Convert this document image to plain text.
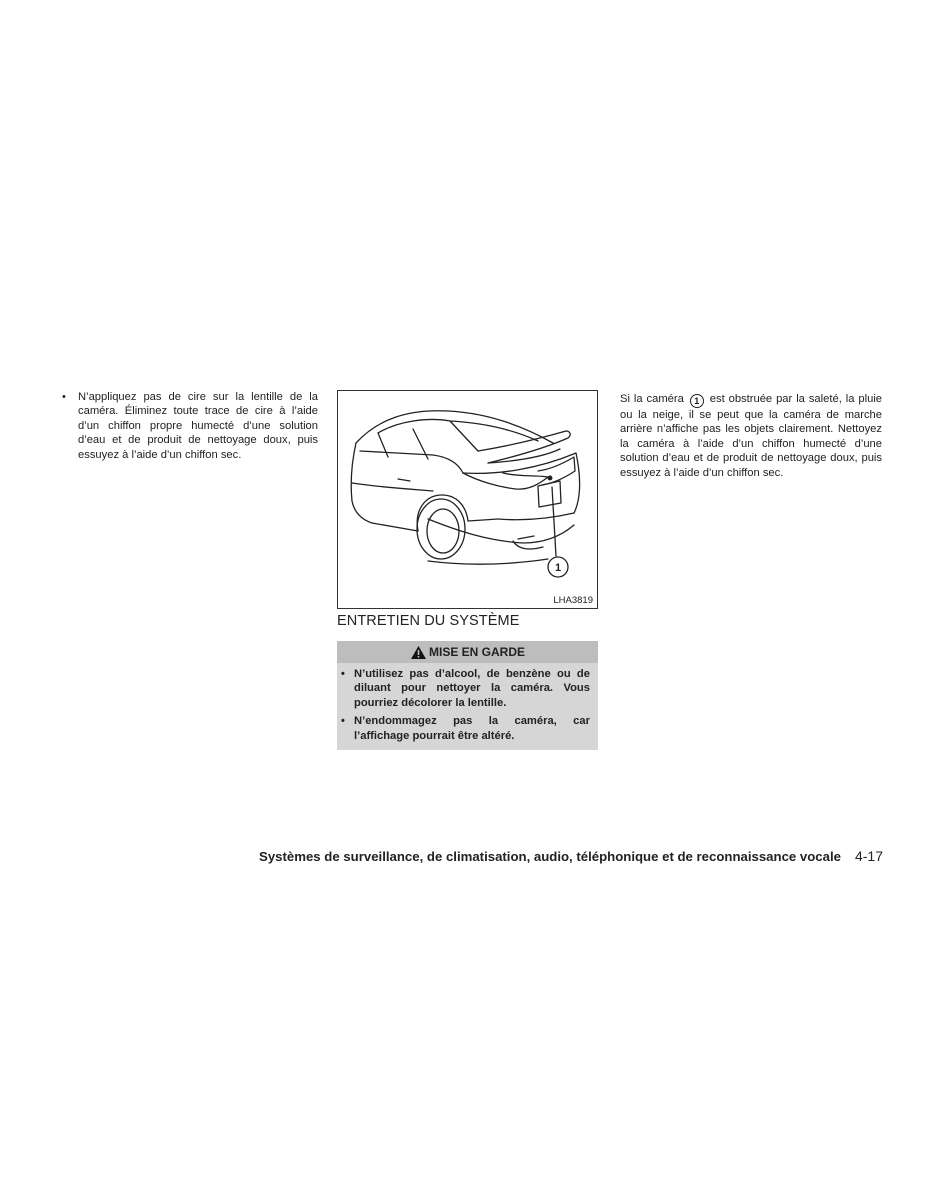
•	N’appliquez pas de cire sur la lentille de la caméra. Éliminez toute trace de cire à l’aide d’un chiffon propre humecté d’une solution d’eau et de produit de nettoyage doux, puis essuyez à l’aide d’un chiffon sec.
1
LHA3819
ENTRETIEN DU SYSTÈME
MISE EN GARDE
• N’utilisez pas d’alcool, de benzène ou de diluant pour nettoyer la caméra. Vous pourriez décolorer la lentille.
• N’endommagez pas la caméra, car l’affichage pourrait être altéré.
Si la caméra 1 est obstruée par la saleté, la pluie ou la neige, il se peut que la caméra de marche arrière n’affiche pas les objets clairement. Nettoyez la caméra à l’aide d’un chiffon humecté d’une solution d’eau et de produit de nettoyage doux, puis essuyez à l’aide d’un chiffon sec.
Systèmes de surveillance, de climatisation, audio, téléphonique et de reconnaissance vocale 4-17
